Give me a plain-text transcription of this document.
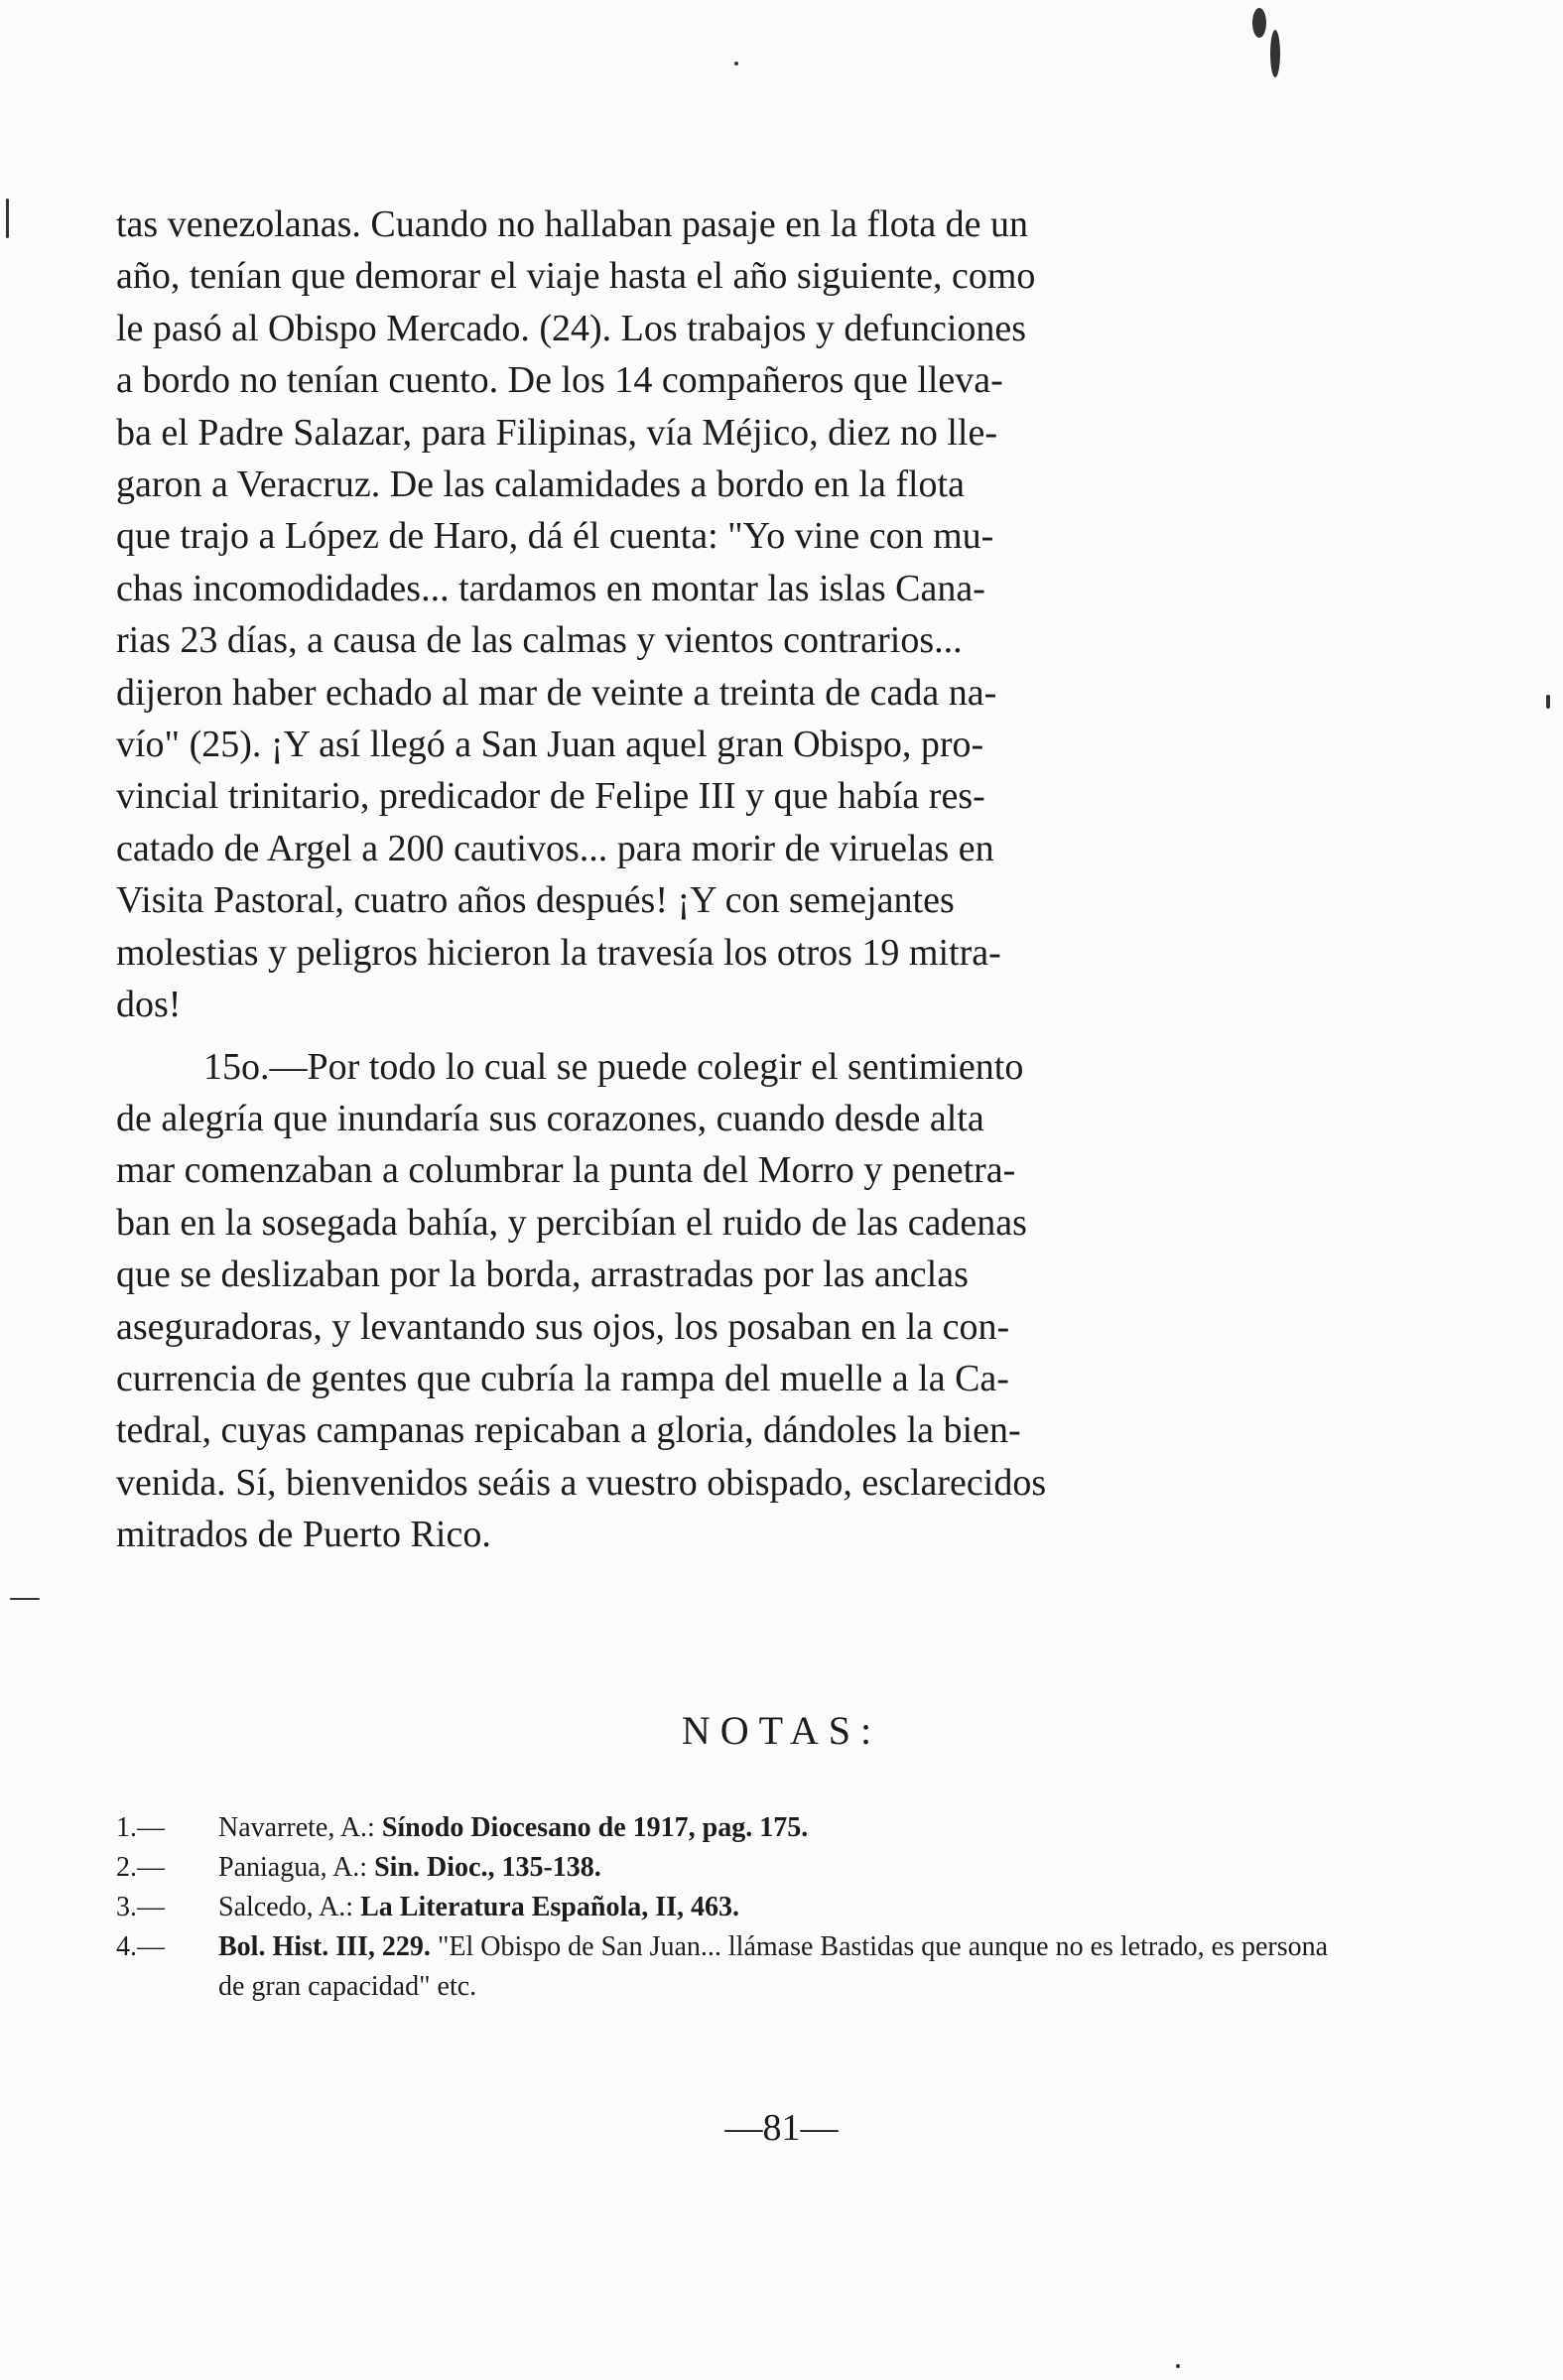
tas venezolanas. Cuando no hallaban pasaje en la flota de un
año, tenían que demorar el viaje hasta el año siguiente, como
le pasó al Obispo Mercado. (24). Los trabajos y defunciones
a bordo no tenían cuento. De los 14 compañeros que lleva-
ba el Padre Salazar, para Filipinas, vía Méjico, diez no lle-
garon a Veracruz. De las calamidades a bordo en la flota
que trajo a López de Haro, dá él cuenta: "Yo vine con mu-
chas incomodidades... tardamos en montar las islas Cana-
rias 23 días, a causa de las calmas y vientos contrarios...
dijeron haber echado al mar de veinte a treinta de cada na-
vío" (25). ¡Y así llegó a San Juan aquel gran Obispo, pro-
vincial trinitario, predicador de Felipe III y que había res-
catado de Argel a 200 cautivos... para morir de viruelas en
Visita Pastoral, cuatro años después! ¡Y con semejantes
molestias y peligros hicieron la travesía los otros 19 mitra-
dos!

15o.—Por todo lo cual se puede colegir el sentimiento
de alegría que inundaría sus corazones, cuando desde alta
mar comenzaban a columbrar la punta del Morro y penetra-
ban en la sosegada bahía, y percibían el ruido de las cadenas
que se deslizaban por la borda, arrastradas por las anclas
aseguradoras, y levantando sus ojos, los posaban en la con-
currencia de gentes que cubría la rampa del muelle a la Ca-
tedral, cuyas campanas repicaban a gloria, dándoles la bien-
venida. Sí, bienvenidos seáis a vuestro obispado, esclarecidos
mitrados de Puerto Rico.

NOTAS:

1.—	Navarrete, A.: Sínodo Diocesano de 1917, pag. 175.

2.—	Paniagua, A.: Sin. Dioc., 135-138.

3.—	Salcedo, A.: La Literatura Española, II, 463.

4.—	Bol. Hist. III, 229. "El Obispo de San Juan... llámase Bastidas que aunque no es letrado, es persona de gran capacidad" etc.

—81—
